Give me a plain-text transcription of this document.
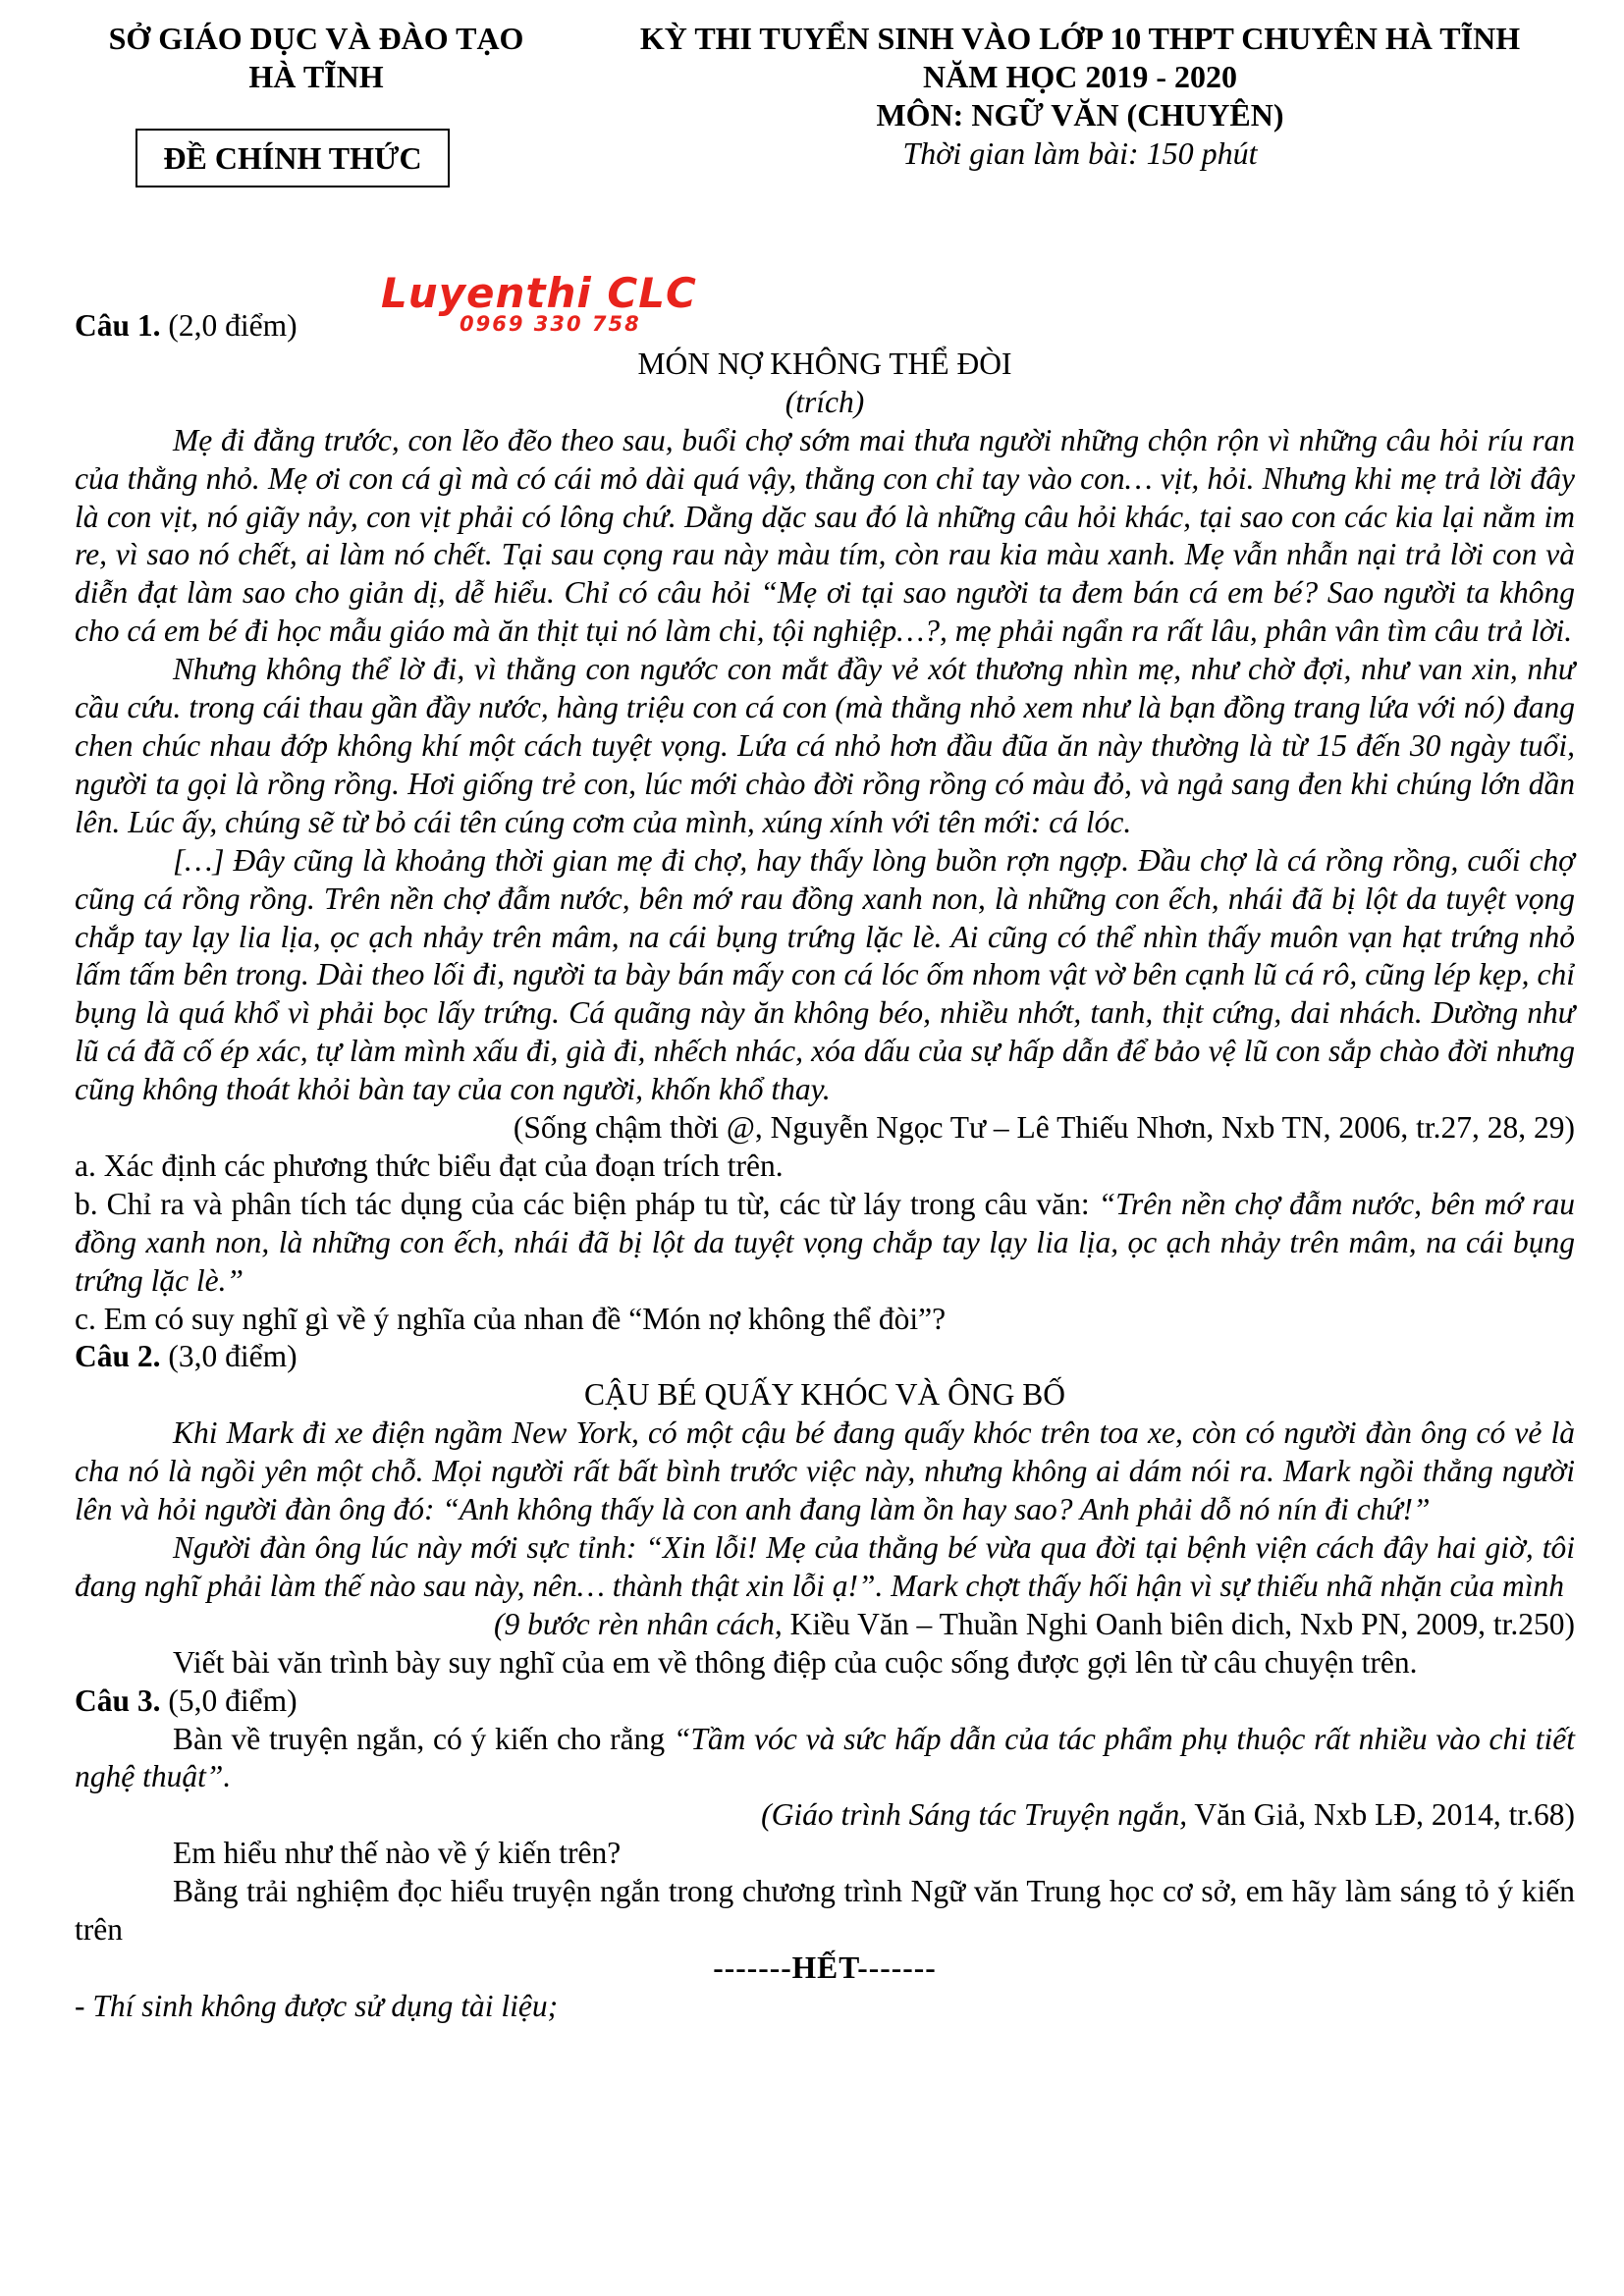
SỞ GIÁO DỤC VÀ ĐÀO TẠO
HÀ TĨNH
ĐỀ CHÍNH THỨC
KỲ THI TUYỂN SINH VÀO LỚP 10 THPT CHUYÊN HÀ TĨNH
NĂM HỌC 2019 - 2020
MÔN: NGỮ VĂN (CHUYÊN)
Thời gian làm bài: 150 phút
Luyenthi CLC
0969 330 758

Câu 1. (2,0 điểm)

MÓN NỢ KHÔNG THỂ ĐÒI

(trích)

Mẹ đi đằng trước, con lẽo đẽo theo sau, buổi chợ sớm mai thưa người những chộn rộn vì những câu hỏi ríu ran của thằng nhỏ. Mẹ ơi con cá gì mà có cái mỏ dài quá vậy, thằng con chỉ tay vào con… vịt, hỏi. Nhưng khi mẹ trả lời đây là con vịt, nó giãy nảy, con vịt phải có lông chứ. Dằng dặc sau đó là những câu hỏi khác, tại sao con các kia lại nằm im re, vì sao nó chết, ai làm nó chết. Tại sau cọng rau này màu tím, còn rau kia màu xanh. Mẹ vẫn nhẫn nại trả lời con và diễn đạt làm sao cho giản dị, dễ hiểu. Chỉ có câu hỏi “Mẹ ơi tại sao người ta đem bán cá em bé? Sao người ta không cho cá em bé đi học mẫu giáo mà ăn thịt tụi nó làm chi, tội nghiệp…?, mẹ phải ngẩn ra rất lâu, phân vân tìm câu trả lời.

Nhưng không thể lờ đi, vì thằng con ngước con mắt đầy vẻ xót thương nhìn mẹ, như chờ đợi, như van xin, như cầu cứu. trong cái thau gần đầy nước, hàng triệu con cá con (mà thằng nhỏ xem như là bạn đồng trang lứa với nó) đang chen chúc nhau đớp không khí một cách tuyệt vọng. Lứa cá nhỏ hơn đầu đũa ăn này thường là từ 15 đến 30 ngày tuổi, người ta gọi là rồng rồng. Hơi giống trẻ con, lúc mới chào đời rồng rồng có màu đỏ, và ngả sang đen khi chúng lớn dần lên. Lúc ấy, chúng sẽ từ bỏ cái tên cúng cơm của mình, xúng xính với tên mới: cá lóc.

[…] Đây cũng là khoảng thời gian mẹ đi chợ, hay thấy lòng buồn rợn ngợp. Đầu chợ là cá rồng rồng, cuối chợ cũng cá rồng rồng. Trên nền chợ đẫm nước, bên mớ rau đồng xanh non, là những con ếch, nhái đã bị lột da tuyệt vọng chắp tay lạy lia lịa, ọc ạch nhảy trên mâm, na cái bụng trứng lặc lè. Ai cũng có thể nhìn thấy muôn vạn hạt trứng nhỏ lấm tấm bên trong. Dài theo lối đi, người ta bày bán mấy con cá lóc ốm nhom vật vờ bên cạnh lũ cá rô, cũng lép kẹp, chỉ bụng là quá khổ vì phải bọc lấy trứng. Cá quãng này ăn không béo, nhiều nhớt, tanh, thịt cứng, dai nhách. Dường như lũ cá đã cố ép xác, tự làm mình xấu đi, già đi, nhếch nhác, xóa dấu của sự hấp dẫn để bảo vệ lũ con sắp chào đời nhưng cũng không thoát khỏi bàn tay của con người, khốn khổ thay.

(Sống chậm thời @, Nguyễn Ngọc Tư – Lê Thiếu Nhơn, Nxb TN, 2006, tr.27, 28, 29)

a. Xác định các phương thức biểu đạt của đoạn trích trên.

b. Chỉ ra và phân tích tác dụng của các biện pháp tu từ, các từ láy trong câu văn: “Trên nền chợ đẫm nước, bên mớ rau đồng xanh non, là những con ếch, nhái đã bị lột da tuyệt vọng chắp tay lạy lia lịa, ọc ạch nhảy trên mâm, na cái bụng trứng lặc lè.”

c. Em có suy nghĩ gì về ý nghĩa của nhan đề “Món nợ không thể đòi”?

Câu 2. (3,0 điểm)

CẬU BÉ QUẤY KHÓC VÀ ÔNG BỐ

Khi Mark đi xe điện ngầm New York, có một cậu bé đang quấy khóc trên toa xe, còn có người đàn ông có vẻ là cha nó là ngồi yên một chỗ. Mọi người rất bất bình trước việc này, nhưng không ai dám nói ra. Mark ngồi thẳng người lên và hỏi người đàn ông đó: “Anh không thấy là con anh đang làm ồn hay sao? Anh phải dỗ nó nín đi chứ!”

Người đàn ông lúc này mới sực tỉnh: “Xin lỗi! Mẹ của thằng bé vừa qua đời tại bệnh viện cách đây hai giờ, tôi đang nghĩ phải làm thế nào sau này, nên… thành thật xin lỗi ạ!”. Mark chợt thấy hối hận vì sự thiếu nhã nhặn của mình

(9 bước rèn nhân cách, Kiều Văn – Thuần Nghi Oanh biên dich, Nxb PN, 2009, tr.250)

Viết bài văn trình bày suy nghĩ của em về thông điệp của cuộc sống được gợi lên từ câu chuyện trên.

Câu 3. (5,0 điểm)

Bàn về truyện ngắn, có ý kiến cho rằng “Tầm vóc và sức hấp dẫn của tác phẩm phụ thuộc rất nhiều vào chi tiết nghệ thuật”.

(Giáo trình Sáng tác Truyện ngắn, Văn Giả, Nxb LĐ, 2014, tr.68)

Em hiểu như thế nào về ý kiến trên?

Bằng trải nghiệm đọc hiểu truyện ngắn trong chương trình Ngữ văn Trung học cơ sở, em hãy làm sáng tỏ ý kiến trên

-------HẾT-------

- Thí sinh không được sử dụng tài liệu;
